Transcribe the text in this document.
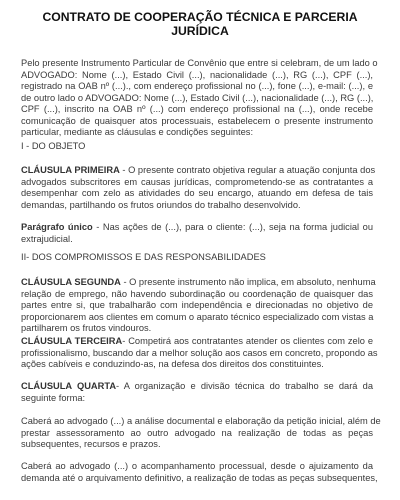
CONTRATO DE COOPERAÇÃO TÉCNICA E PARCERIA
JURÍDICA
Pelo presente Instrumento Particular de Convênio que entre si celebram, de um lado o
ADVOGADO: Nome (...), Estado Civil (...), nacionalidade (...), RG (...), CPF (...),
registrado na OAB nº (...)., com endereço profissional no (...), fone (...), e-mail: (...), e
de outro lado o ADVOGADO: Nome (...), Estado Civil (...), nacionalidade (...), RG (...),
CPF (...), inscrito na OAB nº (...) com endereço profissional na (...), onde recebe
comunicação de quaisquer atos processuais, estabelecem o presente instrumento
particular, mediante as cláusulas e condições seguintes:
I - DO OBJETO
CLÁUSULA PRIMEIRA - O presente contrato objetiva regular a atuação conjunta dos
advogados subscritores em causas jurídicas, comprometendo-se as contratantes a
desempenhar com zelo as atividades do seu encargo, atuando em defesa de tais
demandas, partilhando os frutos oriundos do trabalho desenvolvido.
Parágrafo único - Nas ações de (...), para o cliente: (...), seja na forma judicial ou
extrajudicial.
II- DOS COMPROMISSOS E DAS RESPONSABILIDADES
CLÁUSULA SEGUNDA - O presente instrumento não implica, em absoluto, nenhuma
relação de emprego, não havendo subordinação ou coordenação de quaisquer das
partes entre si, que trabalharão com independência e direcionadas no objetivo de
proporcionarem aos clientes em comum o aparato técnico especializado com vistas a
partilharem os frutos vindouros.
CLÁUSULA TERCEIRA- Competirá aos contratantes atender os clientes com zelo e
profissionalismo, buscando dar a melhor solução aos casos em concreto, propondo as
ações cabíveis e conduzindo-as, na defesa dos direitos dos constituintes.
CLÁUSULA QUARTA- A organização e divisão técnica do trabalho se dará da
seguinte forma:
Caberá ao advogado (...) a análise documental e elaboração da petição inicial, além de
prestar assessoramento ao outro advogado na realização de todas as peças
subsequentes, recursos e prazos.
Caberá ao advogado (...) o acompanhamento processual, desde o ajuizamento da
demanda até o arquivamento definitivo, a realização de todas as peças subsequentes,
